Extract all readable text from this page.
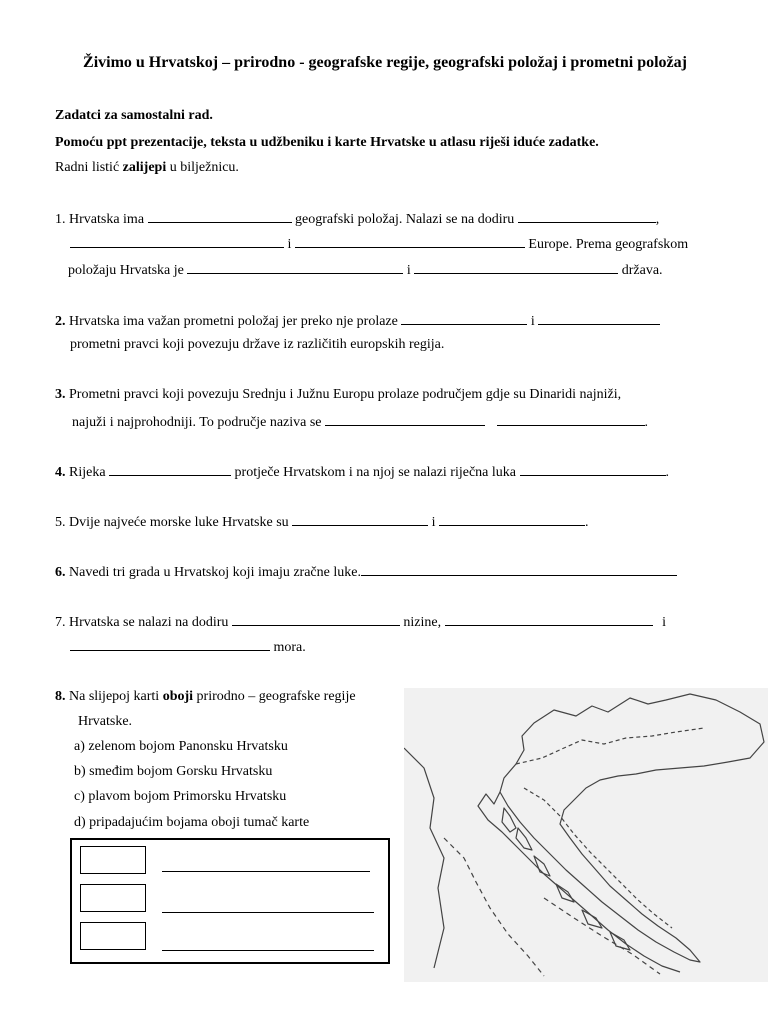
Živimo u Hrvatskoj – prirodno - geografske regije, geografski položaj i prometni položaj
Zadatci za samostalni rad.
Pomoću ppt prezentacije, teksta u udžbeniku i karte Hrvatske u atlasu riješi iduće zadatke.
Radni listić zalijepi u bilježnicu.
1. Hrvatska ima	geografski položaj. Nalazi se na dodiru	,
i	Europe. Prema geografskom
položaju Hrvatska je	i	država.
2. Hrvatska ima važan prometni položaj jer preko nje prolaze	i
prometni pravci koji povezuju države iz različitih europskih regija.
3. Prometni pravci koji povezuju Srednju i Južnu Europu prolaze područjem gdje su Dinaridi najniži,
najuži i najprohodniji. To područje naziva se	.
4. Rijeka	protječe Hrvatskom i na njoj se nalazi riječna luka	.
5. Dvije najveće morske luke Hrvatske su	i	.
6. Navedi tri grada u Hrvatskoj koji imaju zračne luke.
7. Hrvatska se nalazi na dodiru	nizine,	i
mora.
8. Na slijepoj karti oboji prirodno – geografske regije
Hrvatske.
a) zelenom bojom Panonsku Hrvatsku
b) smeđim bojom Gorsku Hrvatsku
c) plavom bojom Primorsku Hrvatsku
d) pripadajućim bojama oboji tumač karte
